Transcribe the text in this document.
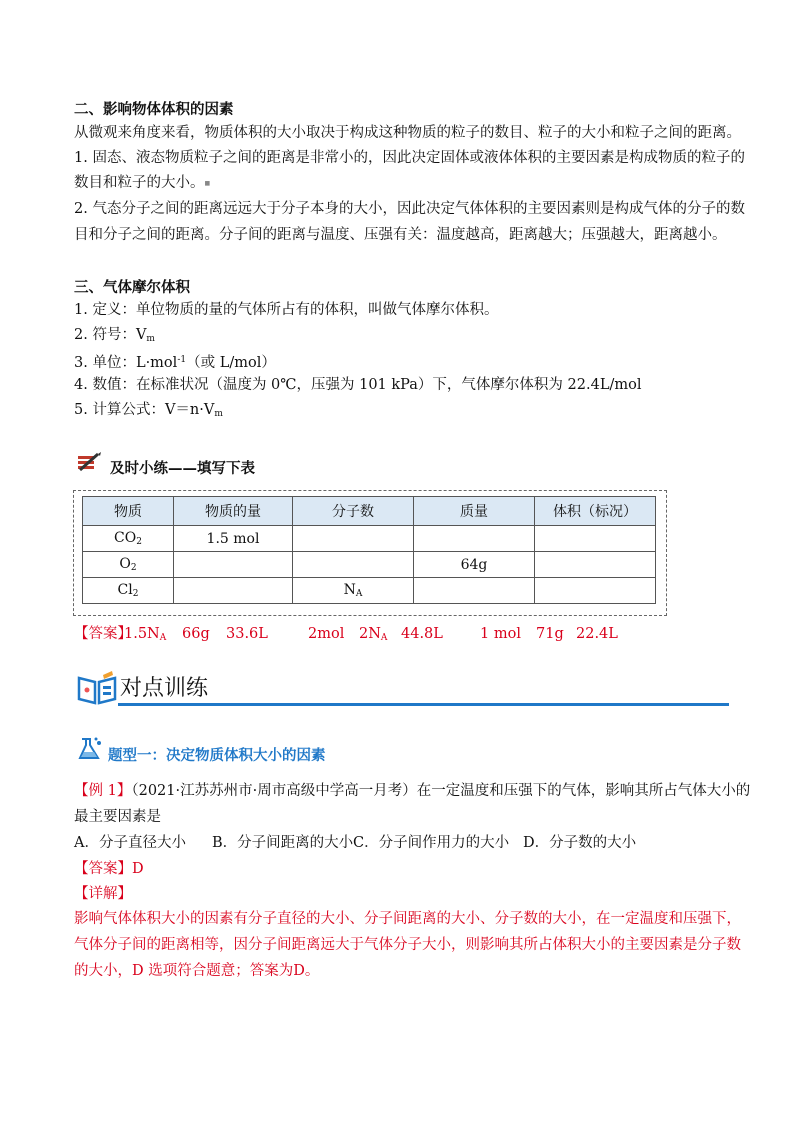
二、影响物体体积的因素
从微观来角度来看，物质体积的大小取决于构成这种物质的粒子的数目、粒子的大小和粒子之间的距离。
1. 固态、液态物质粒子之间的距离是非常小的，因此决定固体或液体体积的主要因素是构成物质的粒子的
数目和粒子的大小。■
2. 气态分子之间的距离远远大于分子本身的大小，因此决定气体体积的主要因素则是构成气体的分子的数
目和分子之间的距离。分子间的距离与温度、压强有关：温度越高，距离越大；压强越大，距离越小。
三、气体摩尔体积
1. 定义：单位物质的量的气体所占有的体积，叫做气体摩尔体积。
2. 符号：$V_m$
3. 单位：L·mol$^{-1}$（或 L/mol）
4. 数值：在标准状况（温度为 0℃，压强为 101 kPa）下，气体摩尔体积为 22.4L/mol
5. 计算公式：$V=n\cdot V_m$
及时小练——填写下表
物质	物质的量	分子数	质量	体积（标况）
$CO_2$	1.5 mol			
$O_2$			64g	
$Cl_2$		$N_A$		
【答案】
$1.5N_A$ 66g 33.6L	2mol $2N_A$ 44.8L	1 mol 71g 22.4L
对点训练
题型一：决定物质体积大小的因素
【例 1】（2021·江苏苏州市·周市高级中学高一月考）在一定温度和压强下的气体，影响其所占气体大小的
最主要因素是
A．分子直径大小 B．分子间距离的大小 C．分子间作用力的大小 D．分子数的大小
【答案】D
【详解】
影响气体体积大小的因素有分子直径的大小、分子间距离的大小、分子数的大小，在一定温度和压强下，
气体分子间的距离相等，因分子间距离远大于气体分子大小，则影响其所占体积大小的主要因素是分子数
的大小，D 选项符合题意；答案为D。
